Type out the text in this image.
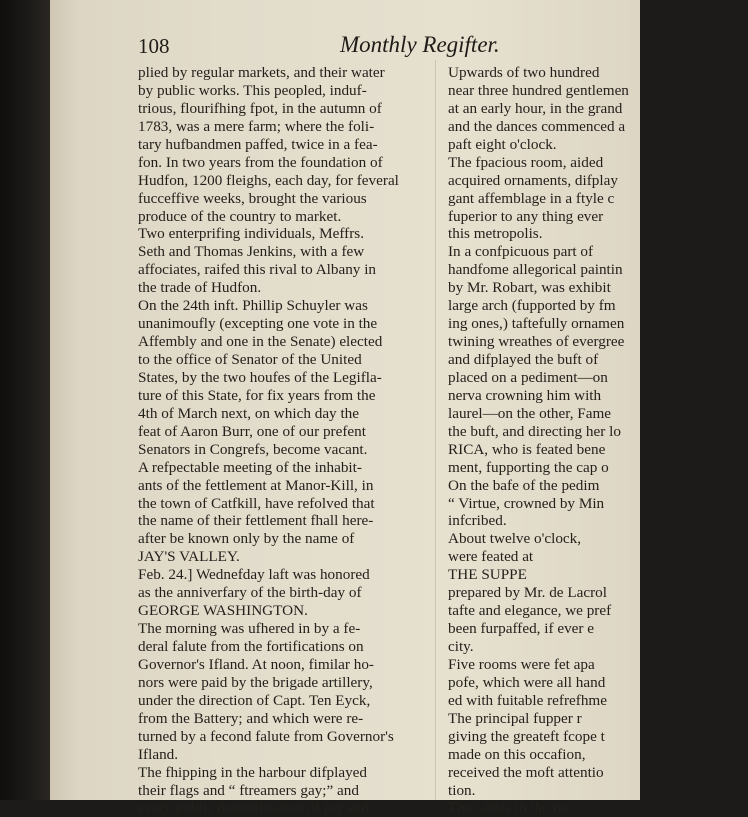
108	Monthly Regifter.
plied by regular markets, and their water
by public works. This peopled, induf-
trious, flourifhing fpot, in the autumn of
1783, was a mere farm; where the foli-
tary hufbandmen paffed, twice in a fea-
fon. In two years from the foundation of
Hudfon, 1200 fleighs, each day, for feveral
fucceffive weeks, brought the various
produce of the country to market.
Two enterprifing individuals, Meffrs.
Seth and Thomas Jenkins, with a few
affociates, raifed this rival to Albany in
the trade of Hudfon.
On the 24th inft. Phillip Schuyler was
unanimoufly (excepting one vote in the
Affembly and one in the Senate) elected
to the office of Senator of the United
States, by the two houfes of the Legifla-
ture of this State, for fix years from the
4th of March next, on which day the
feat of Aaron Burr, one of our prefent
Senators in Congrefs, become vacant.
A refpectable meeting of the inhabit-
ants of the fettlement at Manor-Kill, in
the town of Catfkill, have refolved that
the name of their fettlement fhall here-
after be known only by the name of
JAY'S VALLEY.
Feb. 24.] Wednefday laft was honored
as the anniverfary of the birth-day of
GEORGE WASHINGTON.
The morning was ufhered in by a fe-
deral falute from the fortifications on
Governor's Ifland. At noon, fimilar ho-
nors were paid by the brigade artillery,
under the direction of Capt. Ten Eyck,
from the Battery; and which were re-
turned by a fecond falute from Governor's
Ifland.
The fhipping in the harbour difplayed
their flags and “ ftreamers gay;” and
every public demonftration of joy and
Upwards of two hundred
near three hundred gentlemen
at an early hour, in the grand
and the dances commenced a
paft eight o'clock.
The fpacious room, aided
acquired ornaments, difplay
gant affemblage in a ftyle c
fuperior to any thing ever
this metropolis.
In a confpicuous part of
handfome allegorical paintin
by Mr. Robart, was exhibit
large arch (fupported by fm
ing ones,) taftefully ornamen
twining wreathes of evergree
and difplayed the buft of
placed on a pediment—on
nerva crowning him with
laurel—on the other, Fame
the buft, and directing her lo
RICA, who is feated bene
ment, fupporting the cap o
On the bafe of the pedim
“ Virtue, crowned by Min
infcribed.
About twelve o'clock,
were feated at
THE SUPPE
prepared by Mr. de Lacrol
tafte and elegance, we pref
been furpaffed, if ever e
city.
Five rooms were fet apa
pofe, which were all hand
ed with fuitable refrefhme
The principal fupper r
giving the greateft fcope t
made on this occafion,
received the moft attentio
tion.
The tables in the roo
